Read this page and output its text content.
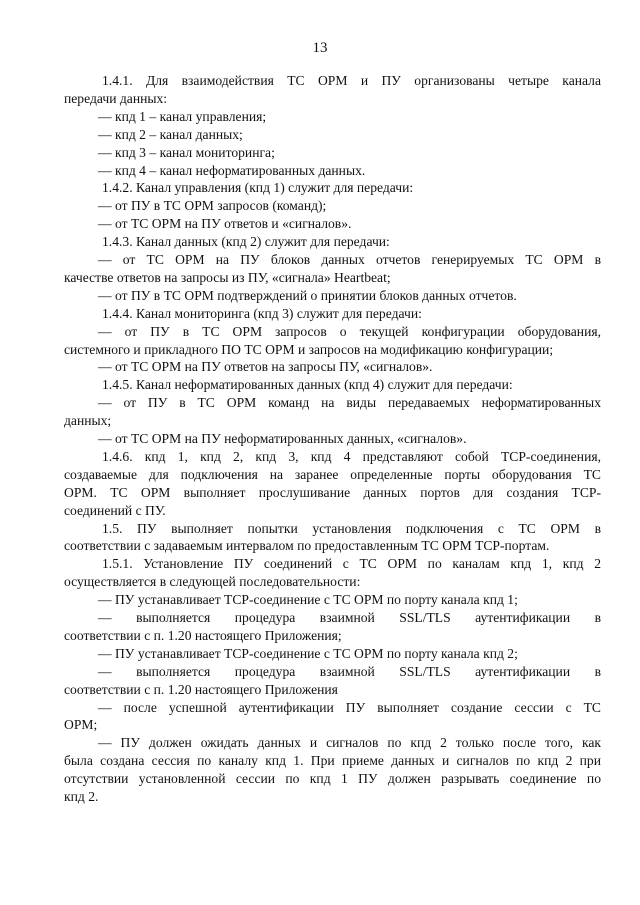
13
1.4.1. Для взаимодействия ТС ОРМ и ПУ организованы четыре канала
передачи данных:
— кпд 1 – канал управления;
— кпд 2 – канал данных;
— кпд 3 – канал мониторинга;
— кпд 4 – канал неформатированных данных.
1.4.2. Канал управления (кпд 1) служит для передачи:
— от ПУ в ТС ОРМ запросов (команд);
— от ТС ОРМ на ПУ ответов и «сигналов».
1.4.3. Канал данных (кпд 2) служит для передачи:
— от ТС ОРМ на ПУ блоков данных отчетов генерируемых ТС ОРМ в
качестве ответов на запросы из ПУ, «сигнала» Heartbeat;
— от ПУ в ТС ОРМ подтверждений о принятии блоков данных отчетов.
1.4.4. Канал мониторинга (кпд 3) служит для передачи:
— от ПУ в ТС ОРМ запросов о текущей конфигурации оборудования,
системного и прикладного ПО ТС ОРМ и запросов на модификацию конфигурации;
— от ТС ОРМ на ПУ ответов на запросы ПУ, «сигналов».
1.4.5. Канал неформатированных данных (кпд 4) служит для передачи:
— от ПУ в ТС ОРМ команд на виды передаваемых неформатированных
данных;
— от ТС ОРМ на ПУ неформатированных данных, «сигналов».
1.4.6. кпд 1, кпд 2, кпд 3, кпд 4 представляют собой TCP-соединения,
создаваемые для подключения на заранее определенные порты оборудования ТС
ОРМ. ТС ОРМ выполняет прослушивание данных портов для создания TCP-
соединений с ПУ.
1.5. ПУ выполняет попытки установления подключения с ТС ОРМ в
соответствии с задаваемым интервалом по предоставленным ТС ОРМ TCP-портам.
1.5.1. Установление ПУ соединений с ТС ОРМ по каналам кпд 1, кпд 2
осуществляется в следующей последовательности:
— ПУ устанавливает TCP-соединение с ТС ОРМ по порту канала кпд 1;
— выполняется процедура взаимной SSL/TLS аутентификации в
соответствии с п. 1.20 настоящего Приложения;
— ПУ устанавливает TCP-соединение с ТС ОРМ по порту канала кпд 2;
— выполняется процедура взаимной SSL/TLS аутентификации в
соответствии с п. 1.20 настоящего Приложения
— после успешной аутентификации ПУ выполняет создание сессии с ТС
ОРМ;
— ПУ должен ожидать данных и сигналов по кпд 2 только после того, как
была создана сессия по каналу кпд 1. При приеме данных и сигналов по кпд 2 при
отсутствии установленной сессии по кпд 1 ПУ должен разрывать соединение по
кпд 2.
